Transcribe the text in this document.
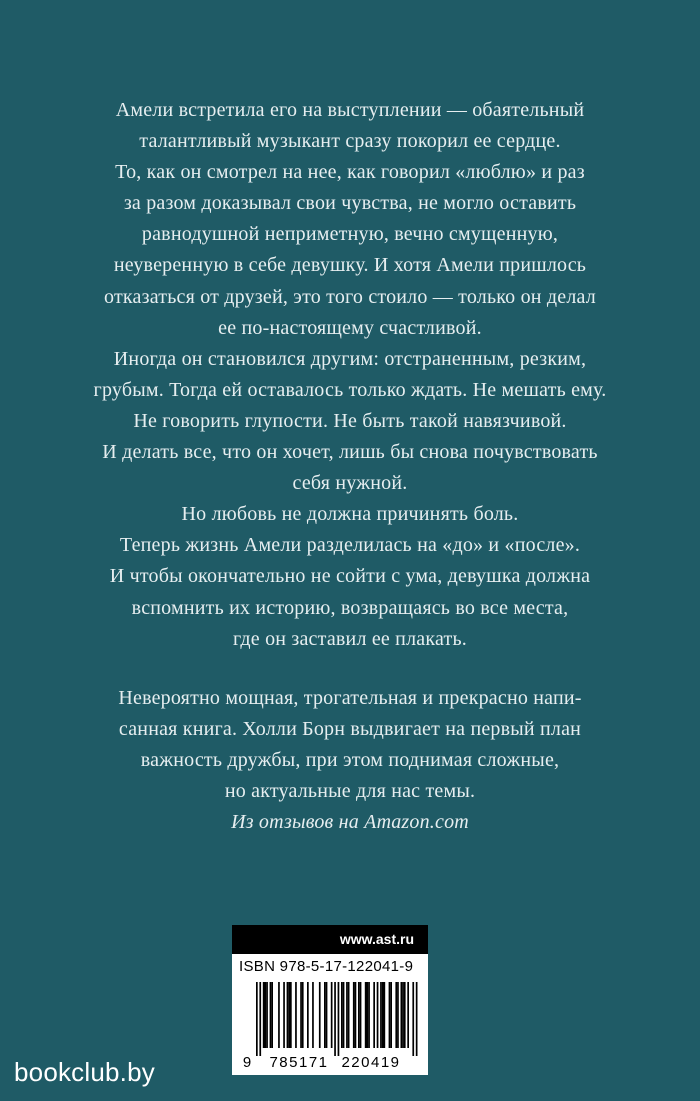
Амели встретила его на выступлении — обаятельный
талантливый музыкант сразу покорил ее сердце.
То, как он смотрел на нее, как говорил «люблю» и раз
за разом доказывал свои чувства, не могло оставить
равнодушной неприметную, вечно смущенную,
неуверенную в себе девушку. И хотя Амели пришлось
отказаться от друзей, это того стоило — только он делал
ее по-настоящему счастливой.
Иногда он становился другим: отстраненным, резким,
грубым. Тогда ей оставалось только ждать. Не мешать ему.
Не говорить глупости. Не быть такой навязчивой.
И делать все, что он хочет, лишь бы снова почувствовать
себя нужной.
Но любовь не должна причинять боль.
Теперь жизнь Амели разделилась на «до» и «после».
И чтобы окончательно не сойти с ума, девушка должна
вспомнить их историю, возвращаясь во все места,
где он заставил ее плакать.
Невероятно мощная, трогательная и прекрасно напи-
санная книга. Холли Борн выдвигает на первый план
важность дружбы, при этом поднимая сложные,
но актуальные для нас темы.
Из отзывов на Amazon.com
www.ast.ru
ISBN 978-5-17-122041-9
9 785171 220419
bookclub.by
